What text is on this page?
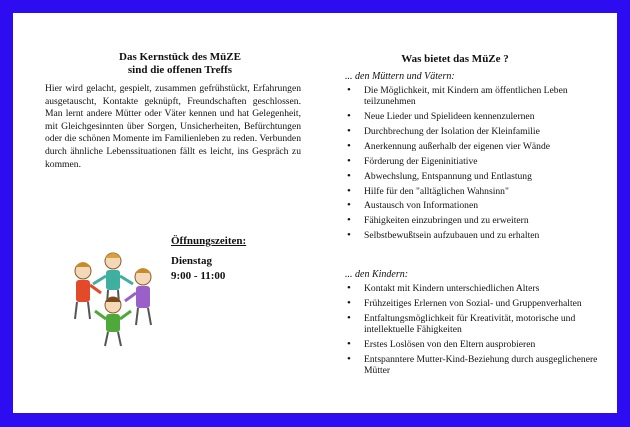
Das Kernstück des MüZE
sind die offenen Treffs
Hier wird gelacht, gespielt, zusammen gefrühstückt, Erfahrungen ausgetauscht, Kontakte geknüpft, Freundschaften geschlossen. Man lernt andere Mütter oder Väter kennen und hat Gelegenheit, mit Gleichgesinnten über Sorgen, Unsicherheiten, Befürchtungen oder die schönen Momente im Familienleben zu reden. Verbunden durch ähnliche Lebenssituationen fällt es leicht, ins Gespräch zu kommen.
Öffnungszeiten:
Dienstag
9:00 - 11:00
Was bietet das MüZe ?
... den Müttern und Vätern:
• Die Möglichkeit, mit Kindern am öffentlichen Leben teilzunehmen
• Neue Lieder und Spielideen kennenzulernen
• Durchbrechung der Isolation der Kleinfamilie
• Anerkennung außerhalb der eigenen vier Wände
• Förderung der Eigeninitiative
• Abwechslung, Entspannung und Entlastung
• Hilfe für den "alltäglichen Wahnsinn"
• Austausch von Informationen
• Fähigkeiten einzubringen und zu erweitern
• Selbstbewußtsein aufzubauen und zu erhalten
... den Kindern:
• Kontakt mit Kindern unterschiedlichen Alters
• Frühzeitiges Erlernen von Sozial- und Gruppenverhalten
• Entfaltungsmöglichkeit für Kreativität, motorische und intellektuelle Fähigkeiten
• Erstes Loslösen von den Eltern ausprobieren
• Entspanntere Mutter-Kind-Beziehung durch ausgeglichenere Mütter
